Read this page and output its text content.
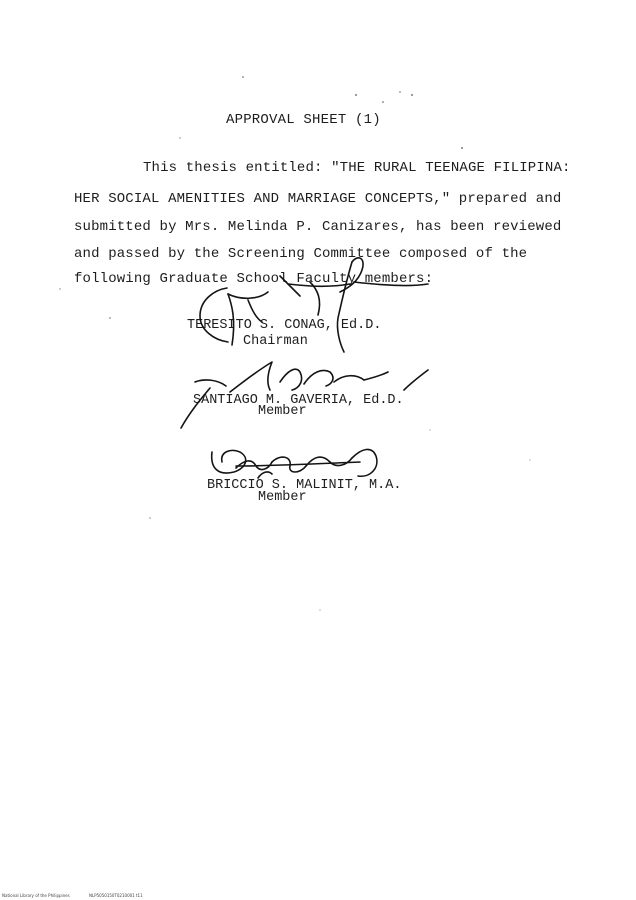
APPROVAL SHEET (1)
This thesis entitled: "THE RURAL TEENAGE FILIPINA:
HER SOCIAL AMENITIES AND MARRIAGE CONCEPTS," prepared and
submitted by Mrs. Melinda P. Canizares, has been reviewed
and passed by the Screening Committee composed of the
following Graduate School Faculty members:
TERESITO S. CONAG, Ed.D.
Chairman
SANTIAGO M. GAVERIA, Ed.D.
Member
BRICCIO S. MALINIT, M.A.
Member
National Library of the Philippines	NLP5050150T0210001 t11
